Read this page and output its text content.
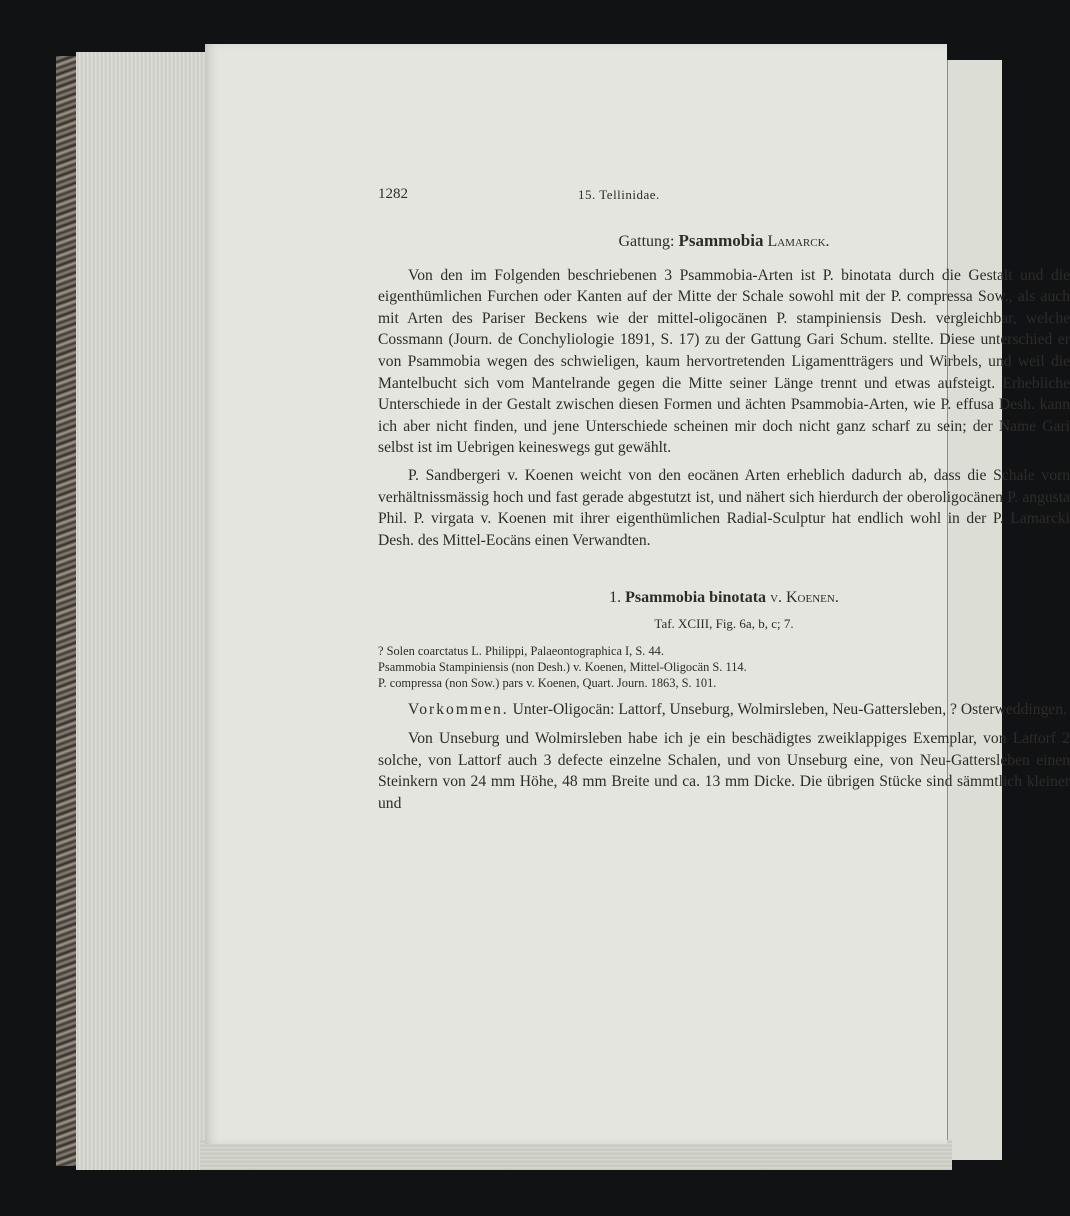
1282	15. Tellinidae.
Gattung: Psammobia Lamarck.

Von den im Folgenden beschriebenen 3 Psammobia-Arten ist P. binotata durch die Gestalt und die eigenthümlichen Furchen oder Kanten auf der Mitte der Schale sowohl mit der P. compressa Sow., als auch mit Arten des Pariser Beckens wie der mittel-oligocänen P. stampiniensis Desh. vergleichbar, welche Cossmann (Journ. de Conchyliologie 1891, S. 17) zu der Gattung Gari Schum. stellte. Diese unterschied er von Psammobia wegen des schwieligen, kaum hervortretenden Ligamentträgers und Wirbels, und weil die Mantelbucht sich vom Mantelrande gegen die Mitte seiner Länge trennt und etwas aufsteigt. Erhebliche Unterschiede in der Gestalt zwischen diesen Formen und ächten Psammobia-Arten, wie P. effusa Desh. kann ich aber nicht finden, und jene Unterschiede scheinen mir doch nicht ganz scharf zu sein; der Name Gari selbst ist im Uebrigen keineswegs gut gewählt.

P. Sandbergeri v. Koenen weicht von den eocänen Arten erheblich dadurch ab, dass die Schale vorn verhältnissmässig hoch und fast gerade abgestutzt ist, und nähert sich hierdurch der oberoligocänen P. angusta Phil. P. virgata v. Koenen mit ihrer eigenthümlichen Radial-Sculptur hat endlich wohl in der P. Lamarcki Desh. des Mittel-Eocäns einen Verwandten.

1. Psammobia binotata v. Koenen.
Taf. XCIII, Fig. 6a, b, c; 7.
? Solen coarctatus L. Philippi, Palaeontographica I, S. 44.
Psammobia Stampiniensis (non Desh.) v. Koenen, Mittel-Oligocän S. 114.
P. compressa (non Sow.) pars v. Koenen, Quart. Journ. 1863, S. 101.

Vorkommen. Unter-Oligocän: Lattorf, Unseburg, Wolmirsleben, Neu-Gattersleben, ? Osterweddingen.

Von Unseburg und Wolmirsleben habe ich je ein beschädigtes zweiklappiges Exemplar, von Lattorf 2 solche, von Lattorf auch 3 defecte einzelne Schalen, und von Unseburg eine, von Neu-Gattersleben einen Steinkern von 24 mm Höhe, 48 mm Breite und ca. 13 mm Dicke. Die übrigen Stücke sind sämmtlich kleiner und
